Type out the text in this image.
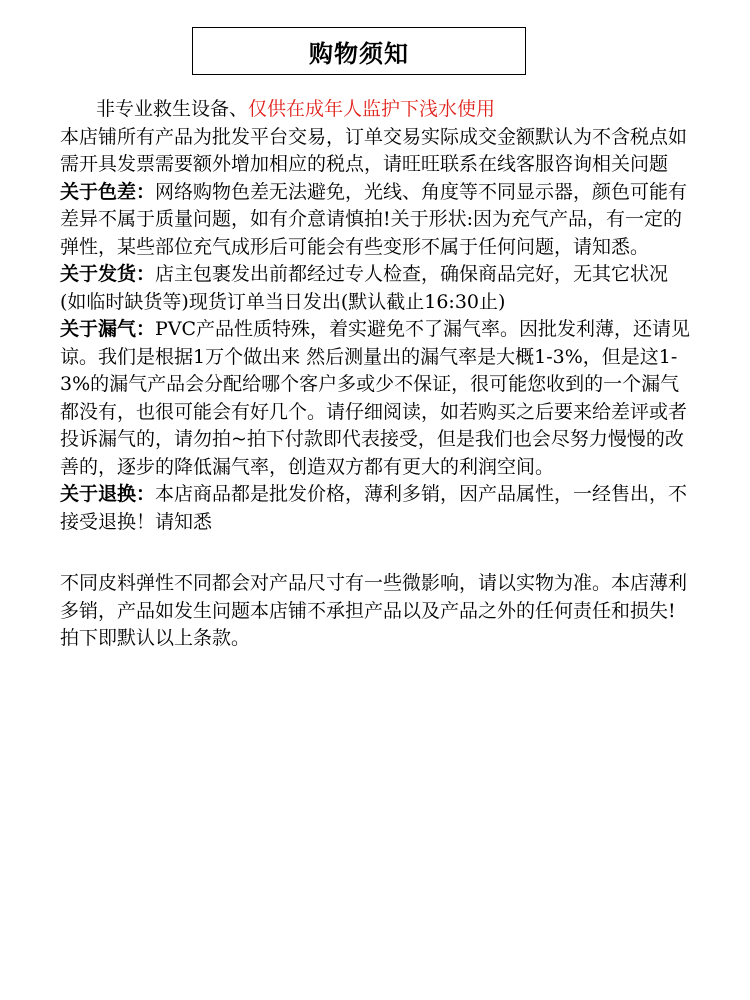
购物须知

非专业救生设备、仅供在成年人监护下浅水使用

本店铺所有产品为批发平台交易，订单交易实际成交金额默认为不含税点如需开具发票需要额外增加相应的税点，请旺旺联系在线客服咨询相关问题

关于色差：网络购物色差无法避免，光线、角度等不同显示器，颜色可能有差异不属于质量问题，如有介意请慎拍!关于形状:因为充气产品，有一定的弹性，某些部位充气成形后可能会有些变形不属于任何问题，请知悉。

关于发货：店主包裹发出前都经过专人检查，确保商品完好，无其它状况(如临时缺货等)现货订单当日发出(默认截止16:30止)

关于漏气：PVC产品性质特殊，着实避免不了漏气率。因批发利薄，还请见谅。我们是根据1万个做出来 然后测量出的漏气率是大概1-3%，但是这1-3%的漏气产品会分配给哪个客户多或少不保证，很可能您收到的一个漏气都没有，也很可能会有好几个。请仔细阅读，如若购买之后要来给差评或者投诉漏气的，请勿拍~拍下付款即代表接受，但是我们也会尽努力慢慢的改善的，逐步的降低漏气率，创造双方都有更大的利润空间。

关于退换：本店商品都是批发价格，薄利多销，因产品属性，一经售出，不接受退换！请知悉

不同皮料弹性不同都会对产品尺寸有一些微影响，请以实物为准。本店薄利多销，产品如发生问题本店铺不承担产品以及产品之外的任何责任和损失!拍下即默认以上条款。
